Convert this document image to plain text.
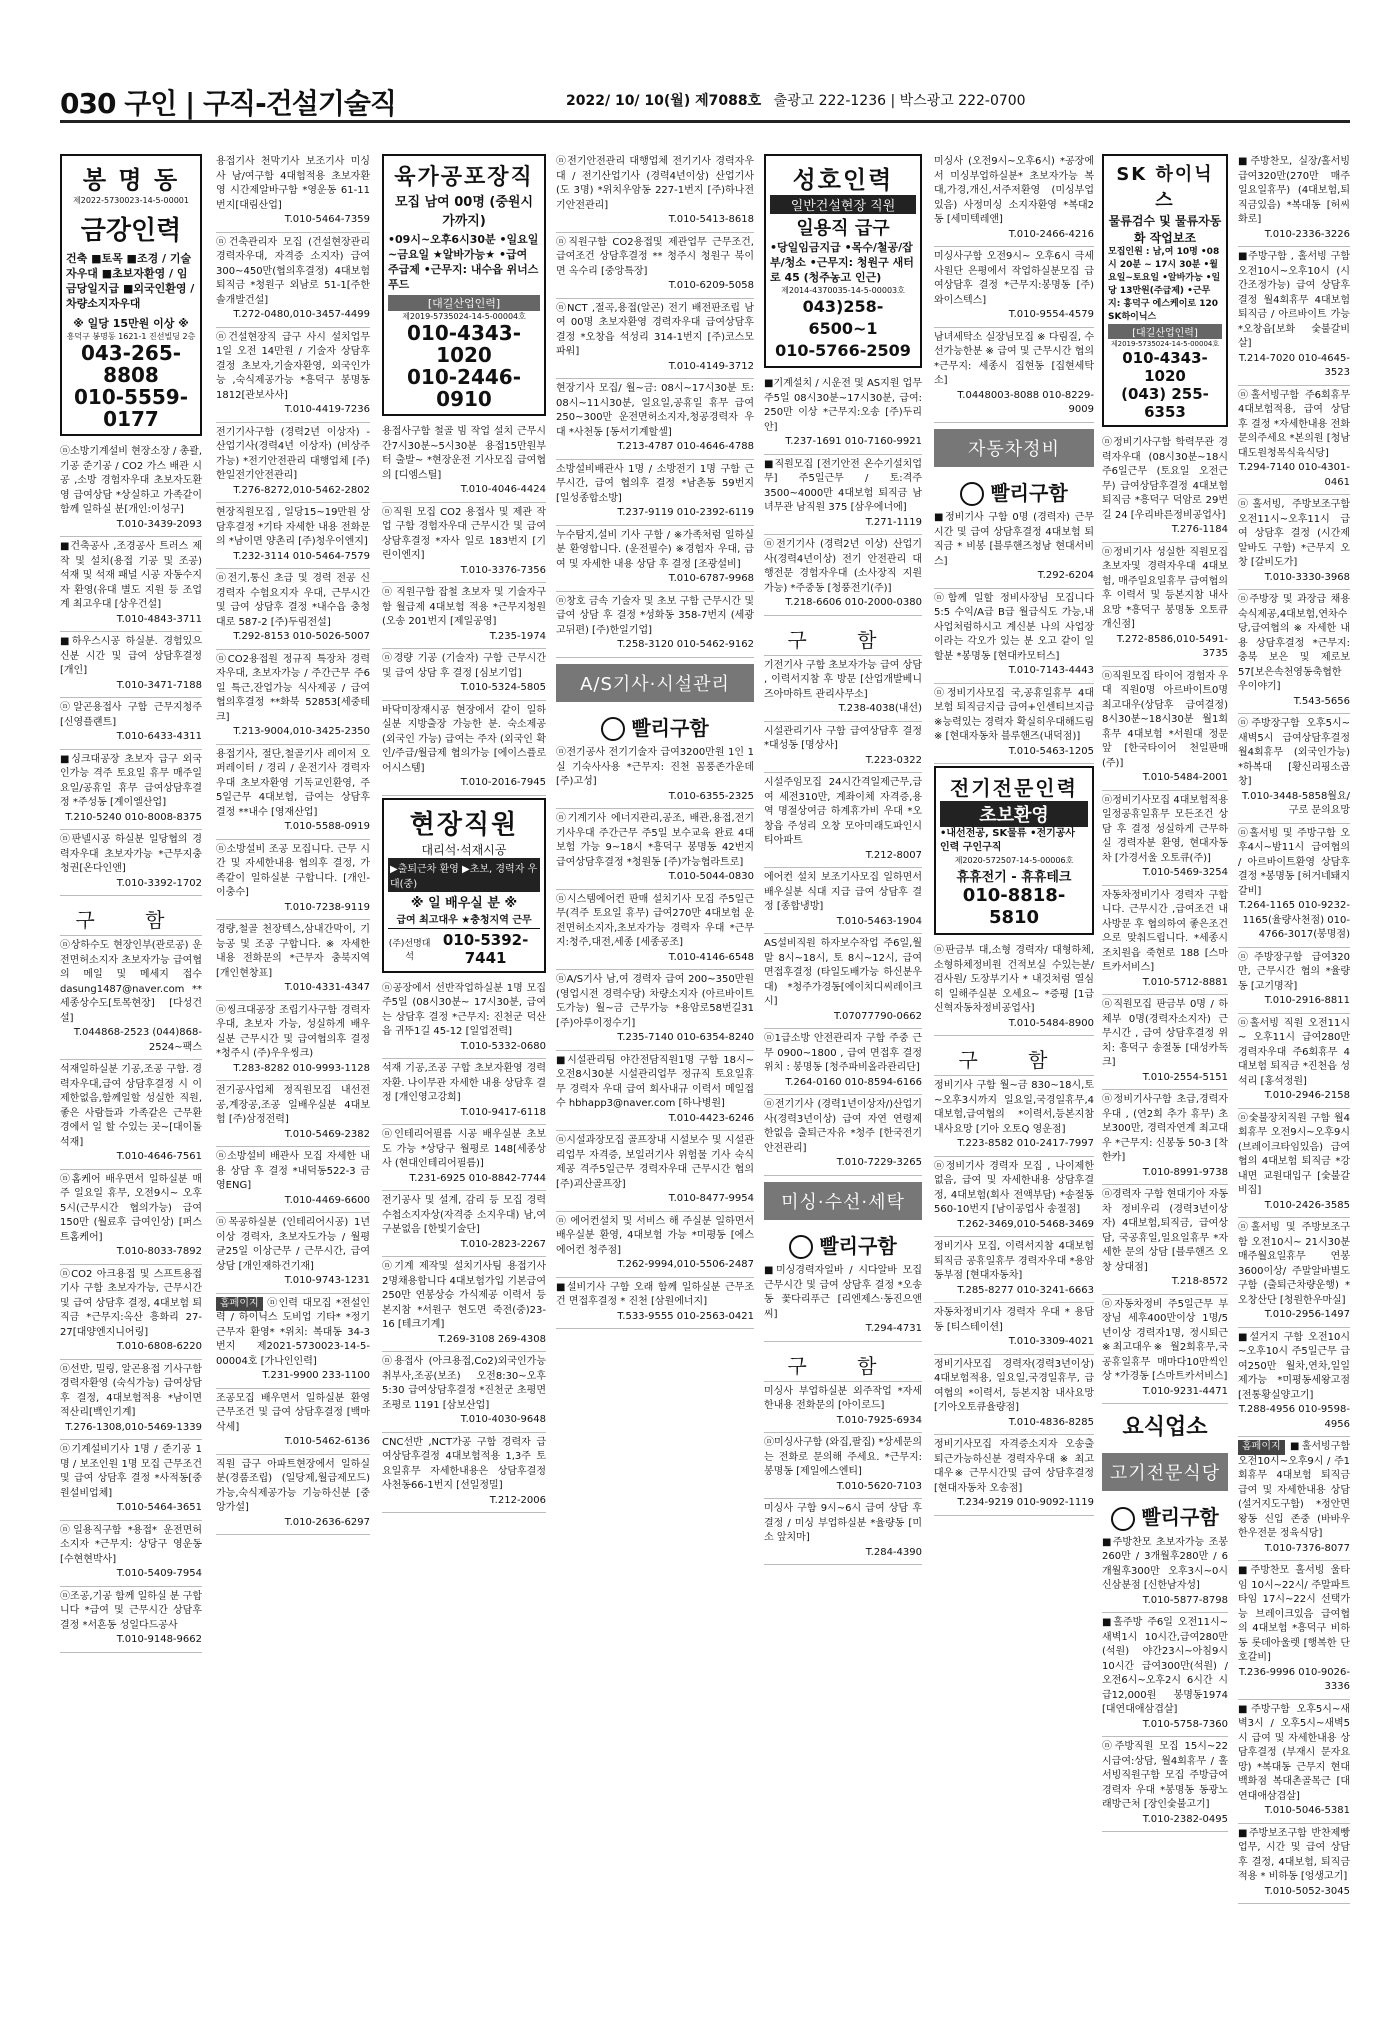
030 구인 | 구직-건설기술직	2022/ 10/ 10(월) 제7088호 출광고 222-1236 | 박스광고 222-0700
봉 명 동
제2022-5730023-14-5-00001
금강인력
건축 ■토목 ■조경 / 기술자우대 ■초보자환영 / 임금당일지급 ■외국인환영 / 차량소지자우대
※ 일당 15만원 이상 ※
흥덕구 봉명동 1621-1 진선빌딩 2층
043-265-8808
010-5559-0177
ⓝ소방기계설비 현장소장 / 총괄,기공 준기공 / CO2 가스 배관 시공 ,소방 경험자우대 초보자도환영 급여상담 *상실하고 가족같이 함께 일하실 분[개인:이성구]
T.010-3439-2093
■건축공사 ,조경공사 트러스 제작 및 설치(용접 기공 및 조공) 석재 및 석재 패널 시공 자동수지자 환영(유대 별도 지원 등 조업계 최고우대 [상우건설]
T.010-4843-3711
■하우스시공 하실분. 경험있으신분 시간 및 급여 상담후결정 [개인]
T.010-3471-7188
ⓝ알곤용접사 구함 근무지청주[신영플랜트]
T.010-6433-4311
■싱크대공장 초보자 급구 외국인가능 격주 토요일 휴무 매주일요일/공휴일 휴무 급여상담후결정 *주성동 [계이엘산업]
T.210-5240 010-8008-8375
ⓝ판넬시공 하실분 일당협의 경력자우대 초보자가능 *근무지충청권[온다인앤]
T.010-3392-1702
구 함
ⓝ상하수도 현장인부(관로공) 운전면허소지자 초보자가능 급여협의 메일 및 메세지 접수 dasung1487@naver.com **세종상수도[토목현장] [다성건설]
T.044868-2523 (044)868-2524~팩스
석재일하실분 기공,조공 구함. 경력자우대,급여 상담후결정 시 이 제한없음,함께일할 성실한 직원, 좋은 사람들과 가족같은 근무환경에서 일 할 수있는 곳~[대이돌석재]
T.010-4646-7561
ⓝ홈케어 배우면서 일하실분 매주 일요일 휴무, 오전9시~ 오후5시(근무시간 협의가능) 급여150만 (월료후 급여인상) [퍼스트홈케어]
T.010-8033-7892
ⓝCO2 아크용접 및 스프트용접기사 구함 초보자가능, 근무시간 및 급여 상담후 결정, 4대보험 퇴직금 *근무지:옥산 흥화리 27-27[대양엔지니어링]
T.010-6808-6220
ⓝ선반, 밀링, 알곤용접 기사구함 경력자환영 (숙식가능) 급여상담후 결정, 4대보험적용 *남이면 적산리[백인기계]
T.276-1308,010-5469-1339
ⓝ기계설비기사 1명 / 준기공 1명 / 보조인원 1명 모집 근무조건 및 급여 상담후 결정 *사적동[중원설비업체]
T.010-5464-3651
ⓝ일용직구함 *용접* 운전면허 소지자 *근무지: 상당구 영운동[수현현박사]
T.010-5409-7954
ⓝ조공,기공 함께 일하실 분 구합니다 *급여 및 근무시간 상담후 결정 *서흔동 성일다드공사
T.010-9148-9662
용접기사 천막기사 보조기사 미싱사 남/여구함 4대험적용 초보자환영 시간제알바구함 *영운동 61-11번지[대림산업]
T.010-5464-7359
ⓝ건축관리자 모집 (건설현장관리 경력자우대, 자격증 소지자) 급여300~450만(협의후결정) 4대보험 퇴직금 *청원구 외남로 51-1[주한솔개발건설]
T.272-0480,010-3457-4499
ⓝ건설현장직 급구 사시 설치업무 1일 오전 14만원 / 기술자 상담후결정 초보자,기술자환영, 외국인가능 ,숙식제공가능 *흥덕구 봉명동 1812[관보사사]
T.010-4419-7236
전기기사구함 (경력2년 이상자) - 산업기사(경력4년 이상자) (비상주 가능) *전기안전관리 대행업체 [주)한일전기안전관리]
T.276-8272,010-5462-2802
현장직원모집 , 일당15~19만원 상담후결정 *기타 자세한 내용 전화문의 *남이면 양촌리 [주)청우이엔지]
T.232-3114 010-5464-7579
ⓝ전기,통신 초급 및 경력 전공 신경력자 수험요지자 우대, 근무시간 및 급여 상담후 결정 *내수읍 충청대로 587-2 [주)두림전설]
T.292-8153 010-5026-5007
ⓝCO2용접원 정규직 특장차 경력자우대, 초보자가능 / 주간근무 주6일 특근,잔업가능 식사제공 / 급여 협의후결정 **화북 52853[세중테크]
T.213-9004,010-3425-2350
용접기사, 절단,철골기사 레이저 오퍼레이터 / 경리 / 운전기사 경력자우대 초보자환영 기독교인환영, 주5일근무 4대보험, 급여는 상담후 결정 **내수 [영재산업]
T.010-5588-0919
ⓝ소방설비 조공 모집니다. 근무 시간 및 자세한내용 협의후 결정, 가족같이 일하실분 구합니다. [개인-이충수]
T.010-7238-9119
경량,철골 천장텍스,삼내간막이, 기능공 및 조공 구합니다. ※ 자세한 내용 전화문의 *근무자 충북지역 [개인현창표]
T.010-4331-4347
ⓝ씽크대공장 조립기사구함 경력자 우대, 초보자 가능, 성실하게 배우실분 근무시간 및 급여협의후 결정 *청주시 (주)우우씽크)
T.283-8282 010-9993-1128
전기공사업체 정직원모집 내선전공,계장공,조공 일배우실분 4대보험 [주)삼정전력]
T.010-5469-2382
ⓝ소방설비 배관사 모집 자세한 내용 상담 후 결정 *내덕동522-3 금영ENG]
T.010-4469-6600
ⓝ목공하실분 (인테리어시공) 1년이상 경력자, 초보자도가능 / 월평균25일 이상근무 / 근무시간, 급여상담 [개인재하건기재]
T.010-9743-1231
홈페이지 ⓝ인력 대모집 *전설인력 / 하이닉스 도비업 기타* *정기근무자 환영* *위치: 복대동 34-3번지 제2021-5730023-14-5-00004호 [가나인인력]
T.231-9900 233-1100
조공모집 배우면서 일하실분 환영 근무조건 및 급여 상담후결정 [백마삭세]
T.010-5462-6136
직원 급구 아파트현장에서 일하실분(경품조립) (일당제,월급제모드)가능,숙식제공가능 기능하신분 [중앙가설]
T.010-2636-6297
육가공포장직
모집 남여 00명 (중원시 가까지)
•09시~오후6시30분 •일요일~금요일 ★알바가능★ •급여 주급제 •근무지: 내수읍 위너스푸드
[대길산업인력]
제2019-5735024-14-5-00004호
010-4343-1020
010-2446-0910
용접사구함 철골 빔 작업 설치 근무시간7시30분~5시30분 용접15만원부터 출발~ *현장운전 기사모집 급여협의 [디엠스틸]
T.010-4046-4424
ⓝ직원 모집 CO2 용접사 및 제관 작업 구함 경험자우대 근무시간 및 급여 상담후결정 *자사 일로 183번지 [기린이엔지]
T.010-3376-7356
ⓝ 직원구함 잡철 초보자 및 기술자구함 월급제 4대보험 적용 *근무지청원(오송 201번지 [제일공영]
T.235-1974
ⓝ경량 기공 (기술자) 구함 근무시간 및 급여 상담 후 결정 [심보기업]
T.010-5324-5805
바닥미장재시공 현장에서 같이 일하실분 지방출장 가능한 분. 숙소제공 (외국인 가능) 급여는 주자 (외국인 확인/주급/월급제 협의가능 [에이스플로어시스템]
T.010-2016-7945
현장직원
대리석·석재시공
▶출퇴근차 환영 ▶초보, 경력자 우대(중)
※ 일 배우실 분 ※
급여 최고대우 ★충청지역 근무
(주)선명대석
010-5392-7441
ⓝ공장에서 선반작업하실분 1명 모집 주5일 (08시30분~ 17시30분, 급여는 상담후 결정 *근무지: 진천군 덕산읍 귀뚜1길 45-12 [일업전력]
T.010-5332-0680
석재 기공,조공 구합 초보자환영 경력자환. 나이무관 자세한 내용 상담후 결정 [개인영고강희]
T.010-9417-6118
ⓝ인테리어필름 시공 배우실분 초보도 가능 *상당구 월평로 148[세종상사 (현대인테리어필름)]
T.231-6925 010-8842-7744
전기공사 및 설계, 감리 등 모집 경력수첩소지자상(자격증 소지우대) 남,여 구분없음 [한빛기술단]
T.010-2823-2267
ⓝ기계 제작및 설치기사팀 용접기사 2명채용합니다 4대보험가입 기본급여250만 연봉상승 가식제공 이력서 등본지참 *서원구 현도면 죽전(중)23-16 [테크기계]
T.269-3108 269-4308
ⓝ용접사 (아크용접,Co2)외국인가능 취부사,조공(보조) 오전8:30~오후5:30 급여상담후결정 *진천군 초평면 조평로 1191 [삼보산업]
T.010-4030-9648
CNC선반 ,NCT가공 구함 경력자 급여상담후결정 4대보험적용 1,3주 토요일휴무 자세한내용은 상담후결정 사천동66-1번지 [선일정밀]
T.212-2006
ⓝ전기안전관리 대행업체 전기기사 경력자우대 / 전기산업기사 (경력4년이상) 산업기사(도 3명) *위치우암동 227-1번지 [주)하나전기안전관리]
T.010-5413-8618
ⓝ직원구함 CO2용접및 제관업무 근무조건, 급여조건 상담후결정 ** 청주시 청원구 북이면 옥수리 [중앙특장]
T.010-6209-5058
ⓝNCT ,절곡,용접(알곤) 전기 배전판조립 남여 00명 초보자환영 경력자우대 급여상담후결정 *오창읍 석성리 314-1번지 [주)코스모파워]
T.010-4149-3712
현장기사 모집/ 월~금: 08시~17시30분 토: 08시~11시30분, 일요일,공휴일 휴무 급여250~300만 운전면허소지자,청공경력자 우대 *사천동 [동서기계할셀]
T.213-4787 010-4646-4788
소방설비배관사 1명 / 소방전기 1명 구함 근무시간, 급여 협의후 결정 *남촌동 59번지 [일성종합소방]
T.237-9119 010-2392-6119
누수탐지,설비 기사 구함 / ※가족처럼 일하실분 환영합니다. (운전필수) ※경험자 우대, 급여 및 자세한 내용 상담 후 결정 [조광설비]
T.010-6787-9968
ⓝ창호 금속 기술자 및 초보 구함 근무시간 및 급여 상담 후 결정 *성화동 358-7번지 (세광고뒤편) [주)한일기업]
T.258-3120 010-5462-9162
A/S기사·시설관리
빨리구함
ⓝ전기공사 전기기술자 급여3200만원 1인 1실 기숙사사용 *근무지: 진천 꼼풍존가운데 [주)고성]
T.010-6355-2325
ⓝ기계기사 에너지관리,공조, 배관,용접,전기기사우대 주간근무 주5일 보수교육 완료 4대보험 가능 9~18시 *흥덕구 봉명동 42번지 급여상담후결정 *청원동 [주)가능협라트로]
T.010-5044-0830
ⓝ시스템에어컨 판매 설치기사 모집 주5일근무(격주 토요일 휴무) 급여270만 4대보험 운전면허소지자,초보자가능 경력자 우대 *근무지:청주,대전,세종 [세종공조]
T.010-4146-6548
ⓝA/S기사 남,여 경력자 급여 200~350만원 (영업시전 경력수당) 차량소지자 (아르바이트도가능) 월~금 근무가능 *용암로58번길31 [주)아루이정수기]
T.235-7140 010-6354-8240
■시설관리팀 야간전담직원1명 구함 18시~오전8시30분 시설관리업무 정규직 토요일휴무 경력자 우대 급여 회사내규 이력서 메일접수 hbhapp3@naver.com [하나병원]
T.010-4423-6246
ⓝ시설과장모집 골프장내 시설보수 및 시설관리업무 자격증, 보일러기사 위험물 기사 숙식제공 격주5일근무 경력자우대 근무시간 협의 [주)괴산골프장]
T.010-8477-9954
ⓝ 에어컨설치 및 서비스 해 주실분 일하면서 배우실분 환영, 4대보험 가능 *미평동 [에스에어컨 청주점]
T.262-9994,010-5506-2487
■설비기사 구함 오래 함께 일하실분 근무조건 면접후결정 * 진천 [삼원에너지]
T.533-9555 010-2563-0421
성호인력
일반건설현장 직원
일용직 급구
•당일임금지급 •목수/철공/잡부/청소 •근무지: 청원구 새터로 45 (청주농고 인근)
제2014-4370035-14-5-00003호
043)258-6500~1
010-5766-2509
■기계설치 / 시운전 및 AS지원 업무 주5일 08시30분~17시30분, 급여: 250만 이상 *근무지:오송 [주)두리안]
T.237-1691 010-7160-9921
■직원모집 [전기안전 온수기설치업무] 주5일근무 / 토:격주 3500~4000만 4대보험 퇴직금 남녀무관 남직원 375 [삼우에너에]
T.271-1119
ⓝ전기기사 (경력2년 이상) 산업기사(경력4년이상) 전기 안전관리 대행전문 경험자우대 (소사장직 지원가능) *주중동 [청풍전기(주)]
T.218-6606 010-2000-0380
구 함
기전기사 구함 초보자가능 급여 상담 , 이력서지참 후 방문 [산업개발베니즈아마하트 관리사무소]
T.238-4038(내선)
시설관리기사 구함 급여상담후 결정 *대성동 [명상사]
T.223-0322
시설주임모집 24시간격일제근무,급여 세전310만, 계좌이체 자격증,용역 명절상여금 하계휴가비 우대 *오창읍 주성리 오창 모아미래도파인시티아파트
T.212-8007
에어컨 설치 보조기사모집 일하면서배우실분 식대 지급 급여 상담후 결정 [종합냉방]
T.010-5463-1904
AS설비직원 하자보수작업 주6일,월말 8시~18시, 토 8시~12시, 급여 면접후결정 (타일도배가능 하신분우대) *청주가경동[에이치디씨레이크시]
T.07077790-0662
ⓝ1급소방 안전관리자 구함 주중 근무 0900~1800 , 급여 면접후 결정 위치 : 봉명동 [청주파비올라관리단]
T.264-0160 010-8594-6166
ⓝ전기기사 (경력1년이상자/)산업기사(경력3년이상) 급여 자연 연령제한없음 출퇴근자유 *청주 [한국전기안전관리]
T.010-7229-3265
미싱·수선·세탁
빨리구함
■미싱경력자일바 / 시다알바 모집 근무시간 및 급여 상담후 결정 *오송동 꽃다리푸근 [리엔제스·동진으앤씨]
T.294-4731
구 함
미싱사 부업하실분 외주작업 *자세한내용 전화문의 [아이로드]
T.010-7925-6934
ⓝ미싱사구함 (와집,팔집) *상세문의는 전화로 문의해 주세요. *근무지: 봉명동 [제일에스엔티]
T.010-5620-7103
미싱사 구함 9시~6시 급여 상담 후결정 / 미싱 부업하실분 *율량동 [미소 앞치마]
T.284-4390
미싱사 (오전9시~오후6시) *공장에서 미싱부업하실분* 초보자가능 복대,가경,개신,서주저환영 (미싱부업있음) 사정미싱 소지자환영 *복대2동 [세미텍레앤]
T.010-2466-4216
미싱사구함 오전9시~ 오후6시 극세사원단 은평에서 작업하실분모집 급여상담후 결정 *근무지:봉명동 [주)와이스텍스]
T.010-9554-4579
남녀세탁소 실장님모집 ※ 다림질, 수선가능한분 ※ 급여 및 근무시간 협의 *근무지: 세종시 집현동 [집현세탁소]
T.0448003-8088 010-8229-9009
자동차정비
빨리구함
■정비기사 구함 0명 (경력자) 근무시간 및 급여 상담후결정 4대보험 퇴직금 * 비봉 [블루핸즈청남 현대서비스]
T.292-6204
ⓝ함께 일할 정비사장님 모집니다 5:5 수익/A급 B급 월급식도 가능,내 사업처럼하시고 계신분 나의 사업장이라는 각오가 있는 분 오고 같이 일할분 *봉명동 [현대카모터스]
T.010-7143-4443
ⓝ정비기사모집 국,공휴일휴무 4대보험 퇴직금지급 급여+인센티브지급 ※능력있는 경력자 확실히우대해드림 ※ [현대자동차 블루핸즈(내덕점)]
T.010-5463-1205
전기전문인력
초보환영
•내선전공, SK물류 •전기공사 인력 구인구직
제2020-572507-14-5-00006호
휴휴전기 - 휴휴테크
010-8818-5810
ⓝ판금부 대,소형 경력자/ 대형하체,소형하체정비원 건적보실 수있는분/ 검사원/ 도장부기사 * 내것처럼 열심히 일해주실분 오세요~ *증평 [1급신혁자동차정비공업사]
T.010-5484-8900
구 함
정비기사 구함 월~금 830~18시,토~오후3시까지 일요일,국경일휴무,4대보험,급여협의 *이력서,등본지참 내사요망 [기아 오토Q 영운점]
T.223-8582 010-2417-7997
ⓝ정비기사 경력자 모집 , 나이제한 없음, 급여 및 자세한내용 상담후결정, 4대보험(회사 전액부담) *송절동 560-10번지 [남이공업사 송절점]
T.262-3469,010-5468-3469
정비기사 모집, 이력서지참 4대보험 퇴직금 공휴일휴무 경력자우대 *용암 동부점 [현대자동차]
T.285-8277 010-3241-6663
자동차정비기사 경력자 우대 * 용담동 [티스테이션]
T.010-3309-4021
정비기사모집 경력자(경력3년이상) 4대보험적용, 일요일,국경일휴무, 급여협의 *이력서, 등본지참 내사요망 [기아오토큐율량점]
T.010-4836-8285
정비기사모집 자격증소지자 오송출퇴근가능하신분 경력자우대 ※ 최고대우※ 근무시간및 급여 상담후결정 [현대자동차 오송점]
T.234-9219 010-9092-1119
SK 하이닉스
물류검수 및 물류자동화 작업보조
모집인원 : 남,여 10명 •08시 20분 ~ 17시 30분 •월요일~토요일 •알바가능 •일당 13만원(주급제) •근무지: 흥덕구 에스케이로 120 SK하이닉스
[대길산업인력]
제2019-5735024-14-5-00004호
010-4343-1020
(043) 255-6353
ⓝ정비기사구함 학력무관 경력자우대 (08시30분~18시 주6일근무 (토요일 오전근무) 급여상담후결정 4대보험 퇴직금 *흥덕구 덕암로 29번길 24 [우리바른정비공업사]
T.276-1184
ⓝ정비기사 성실한 직원모집 초보자및 경력자우대 4대보험, 매주일요일휴무 급여협의후 이력서 및 등본지참 내사요망 *흥덕구 봉명동 오토큐개신점]
T.272-8586,010-5491-3735
ⓝ직원모집 타이어 경험자 우대 직원0명 아르바이트0명 최고대우(상담후 급여결정) 8시30분~18시30분 월1회휴무 4대보험 *서원대 정문앞 [한국타이어 천일판매(주)]
T.010-5484-2001
ⓝ정비기사모집 4대보험적용 일정공휴일휴무 모든조건 상담 후 결정 성실하게 근무하실 경력자분 환영, 현대자동차 [가경서울 오토큐(주)]
T.010-5469-3254
자동차정비기사 경력자 구합니다. 근무시간 ,급여조건 내사방문 후 협의하여 좋은조건으로 맞춰드립니다. *세종시 조치원읍 죽현로 188 [스마트카서비스]
T.010-5712-8881
ⓝ직원모집 판금부 0명 / 하체부 0명(경력자소지자) 근무시간 , 급여 상담후결정 위치: 흥덕구 송절동 [대성카독크]
T.010-2554-5151
ⓝ정비기사구함 초급,경력자우대 , (연2회 추가 휴무) 초보300만, 경력자연계 최고대우 *근무지: 신봉동 50-3 [착한카]
T.010-8991-9738
ⓝ경력자 구함 현대기아 자동차 정비우리 (경력3년이상자) 4대보험,퇴직금, 급여상담, 국공휴일,일요일휴무 *자세한 문의 상담 [블루핸즈 오창 상대점]
T.218-8572
ⓝ자동차정비 주5일근무 부장님 세후400만이상 1명/5년이상 경력자1명, 정시퇴근※최고대우※ 월2회휴무,국공휴일휴무 매마다10만씩인상 *가경동 [스마트카서비스]
T.010-9231-4471
요식업소
고기전문식당
빨리구함
■주방찬모 초보자가능 조봉 260만 / 3개월후280만 / 6개월후300만 오후3시~0시 신삼분점 [신한남자성]
T.010-5877-8798
■홀주방 주6일 오전11시~새벽1시 10시간,급여280만(석원) 야간23시~아침9시 10시간 급여300만(석원) / 오전6시~오후2시 6시간 시급12,000원 봉명동1974 [대연대애삼겹살]
T.010-5758-7360
ⓝ주방직원 모집 15시~22시급여:상담, 월4회휴무 / 홀서빙직원구함 모집 주방급여 경력자 우대 *봉명동 동광노래방근처 [장인숯불고기]
T.010-2382-0495
■주방찬모, 실장/홀서빙 급여320만(270만 매주일요일휴무) (4대보험,퇴직금있음) *복대동 [허씨화로]
T.010-2336-3226
■주방구함 , 홀서빙 구함 오전10시~오후10시 (시간조정가능) 급여 상담후결정 월4회휴무 4대보험 퇴직금 / 아르바이트 가능 *오창읍[보화 숯불갈비살]
T.214-7020 010-4645-3523
ⓝ홀서빙구함 주6회휴무 4대보험적용, 급여 상담후 결정 *자세한내용 전화문의주세요 *본의원 [청남대도원청목식육식당]
T.294-7140 010-4301-0461
ⓝ홀서빙, 주방보조구함 오전11시~오후11시 급여 상담후 결정 (시간제 알바도 구함) *근무지 오창 [갈비도가]
T.010-3330-3968
ⓝ주방장 및 과장급 채용 숙식제공,4대보험,연차수당,급여협의 ※ 자세한 내용 상담후결정 *근무지: 충북 보은 및 제로보 57[보은속천영동축협한우이야기]
T.543-5656
ⓝ주방장구함 오후5시~새벽5시 급여상담후결정 월4회휴무 (외국인가능) *하복대 [황신리핑소곱창]
T.010-3448-5858월요/구로 문의요망
ⓝ홀서빙 및 주방구함 오후4시~밤11시 급여협의 / 아르바이트환영 상담후 결정 *봉명동 [허거네돼지갈비]
T.264-1165 010-9232-1165(율량사천점) 010-4766-3017(봉명점)
ⓝ주방장구함 급여320만, 근무시간 협의 *율량동 [고기명작]
T.010-2916-8811
ⓝ홀서빙 직원 오전11시~ 오후11시 급여280만 경력자우대 주6회휴무 4대보험 퇴직금 *진천읍 성석리 [홍석정원]
T.010-2946-2158
ⓝ숯불장치직원 구함 월4회휴무 오전9시~오후9시(브레이크타임있음) 급여협의 4대보험 퇴직금 *강내면 교원대입구 [숯불갈비집]
T.010-2426-3585
ⓝ홀서빙 및 주방보조구함 오전10시~ 21시30분 매주월요일휴무 연봉3600이상/ 주말알바별도구함 (출퇴근차량운행) *오창산단 [청원한우마실]
T.010-2956-1497
■설거지 구함 오전10시~오후10시 주5일근무 급여250만 월차,연차,일일제가능 *미평동세왕고점 [전통황실양고기]
T.288-4956 010-9598-4956
홈페이지 ■홀서빙구함 오전10시~오후9시 / 주1회휴무 4대보험 퇴직금 급여 및 자세한내용 상담 (설거지도구함) *정안면 왕동 신입 존중 (바바우 한우전문 정육식당]
T.010-7376-8077
■주방찬모 홀서빙 울타임 10시~22시/ 주말파트타임 17시~22시 선택가능 브레이크있음 급여협의 4대보험 *흥덕구 비하동 롯데아울렛 [행복한 단호갈비]
T.236-9996 010-9026-3336
■주방구함 오후5시~새벽3시 / 오후5시~새벽5시 급여 및 자세한내용 상담후결정 (부재시 문자요망) *복대동 근무지 현대백화점 복대촌골목근 [대연대애삼겹살]
T.010-5046-5381
■주방보조구함 반찬제빵 업무, 시간 및 급여 상담 후 결정, 4대보험, 퇴직금 적용 * 비하동 [엉생고기]
T.010-5052-3045
